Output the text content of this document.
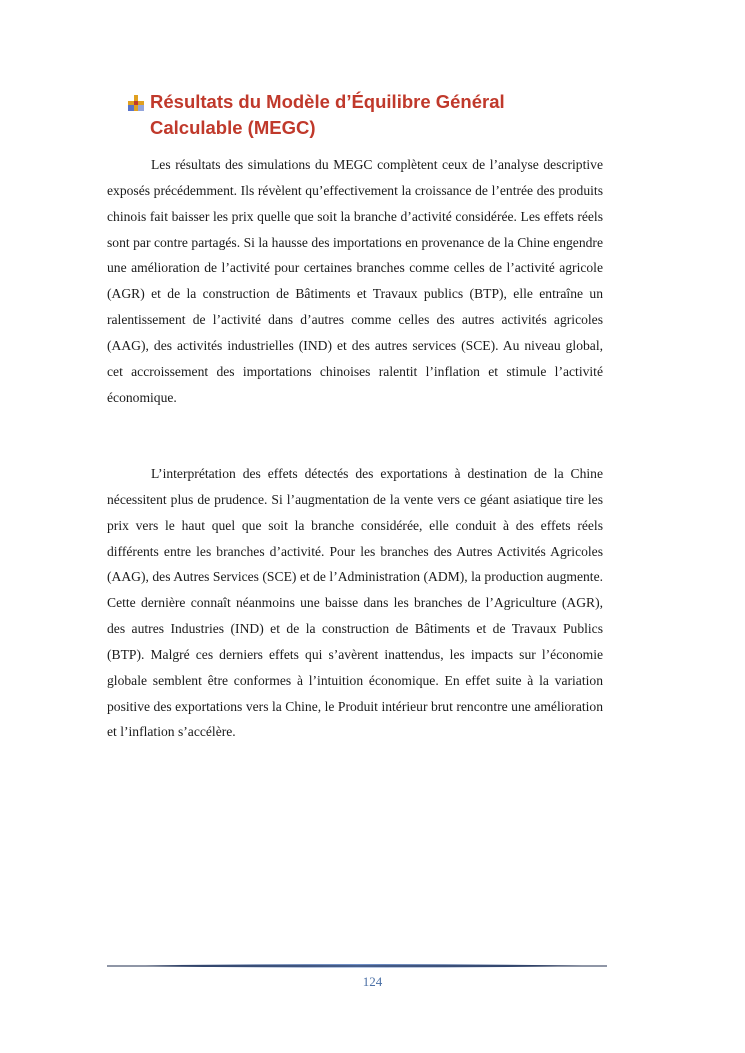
Résultats du Modèle d’Équilibre Général Calculable (MEGC)

Les résultats des simulations du MEGC complètent ceux de l’analyse descriptive exposés précédemment. Ils révèlent qu’effectivement la croissance de l’entrée des produits chinois fait baisser les prix quelle que soit la branche d’activité considérée. Les effets réels sont par contre partagés. Si la hausse des importations en provenance de la Chine engendre une amélioration de l’activité pour certaines branches comme celles de l’activité agricole (AGR) et de la construction de Bâtiments et Travaux publics (BTP), elle entraîne un ralentissement de l’activité dans d’autres comme celles des autres activités agricoles (AAG), des activités industrielles (IND) et des autres services (SCE). Au niveau global, cet accroissement des importations chinoises ralentit l’inflation et stimule l’activité économique.

L’interprétation des effets détectés des exportations à destination de la Chine nécessitent plus de prudence. Si l’augmentation de la vente vers ce géant asiatique tire les prix vers le haut quel que soit la branche considérée, elle conduit à des effets réels différents entre les branches d’activité. Pour les branches des Autres Activités Agricoles (AAG), des Autres Services (SCE) et de l’Administration (ADM), la production augmente. Cette dernière connaît néanmoins une baisse dans les branches de l’Agriculture (AGR), des autres Industries (IND) et de la construction de Bâtiments et de Travaux Publics (BTP). Malgré ces derniers effets qui s’avèrent inattendus, les impacts sur l’économie globale semblent être conformes à l’intuition économique. En effet suite à la variation positive des exportations vers la Chine, le Produit intérieur brut rencontre une amélioration et l’inflation s’accélère.

124
